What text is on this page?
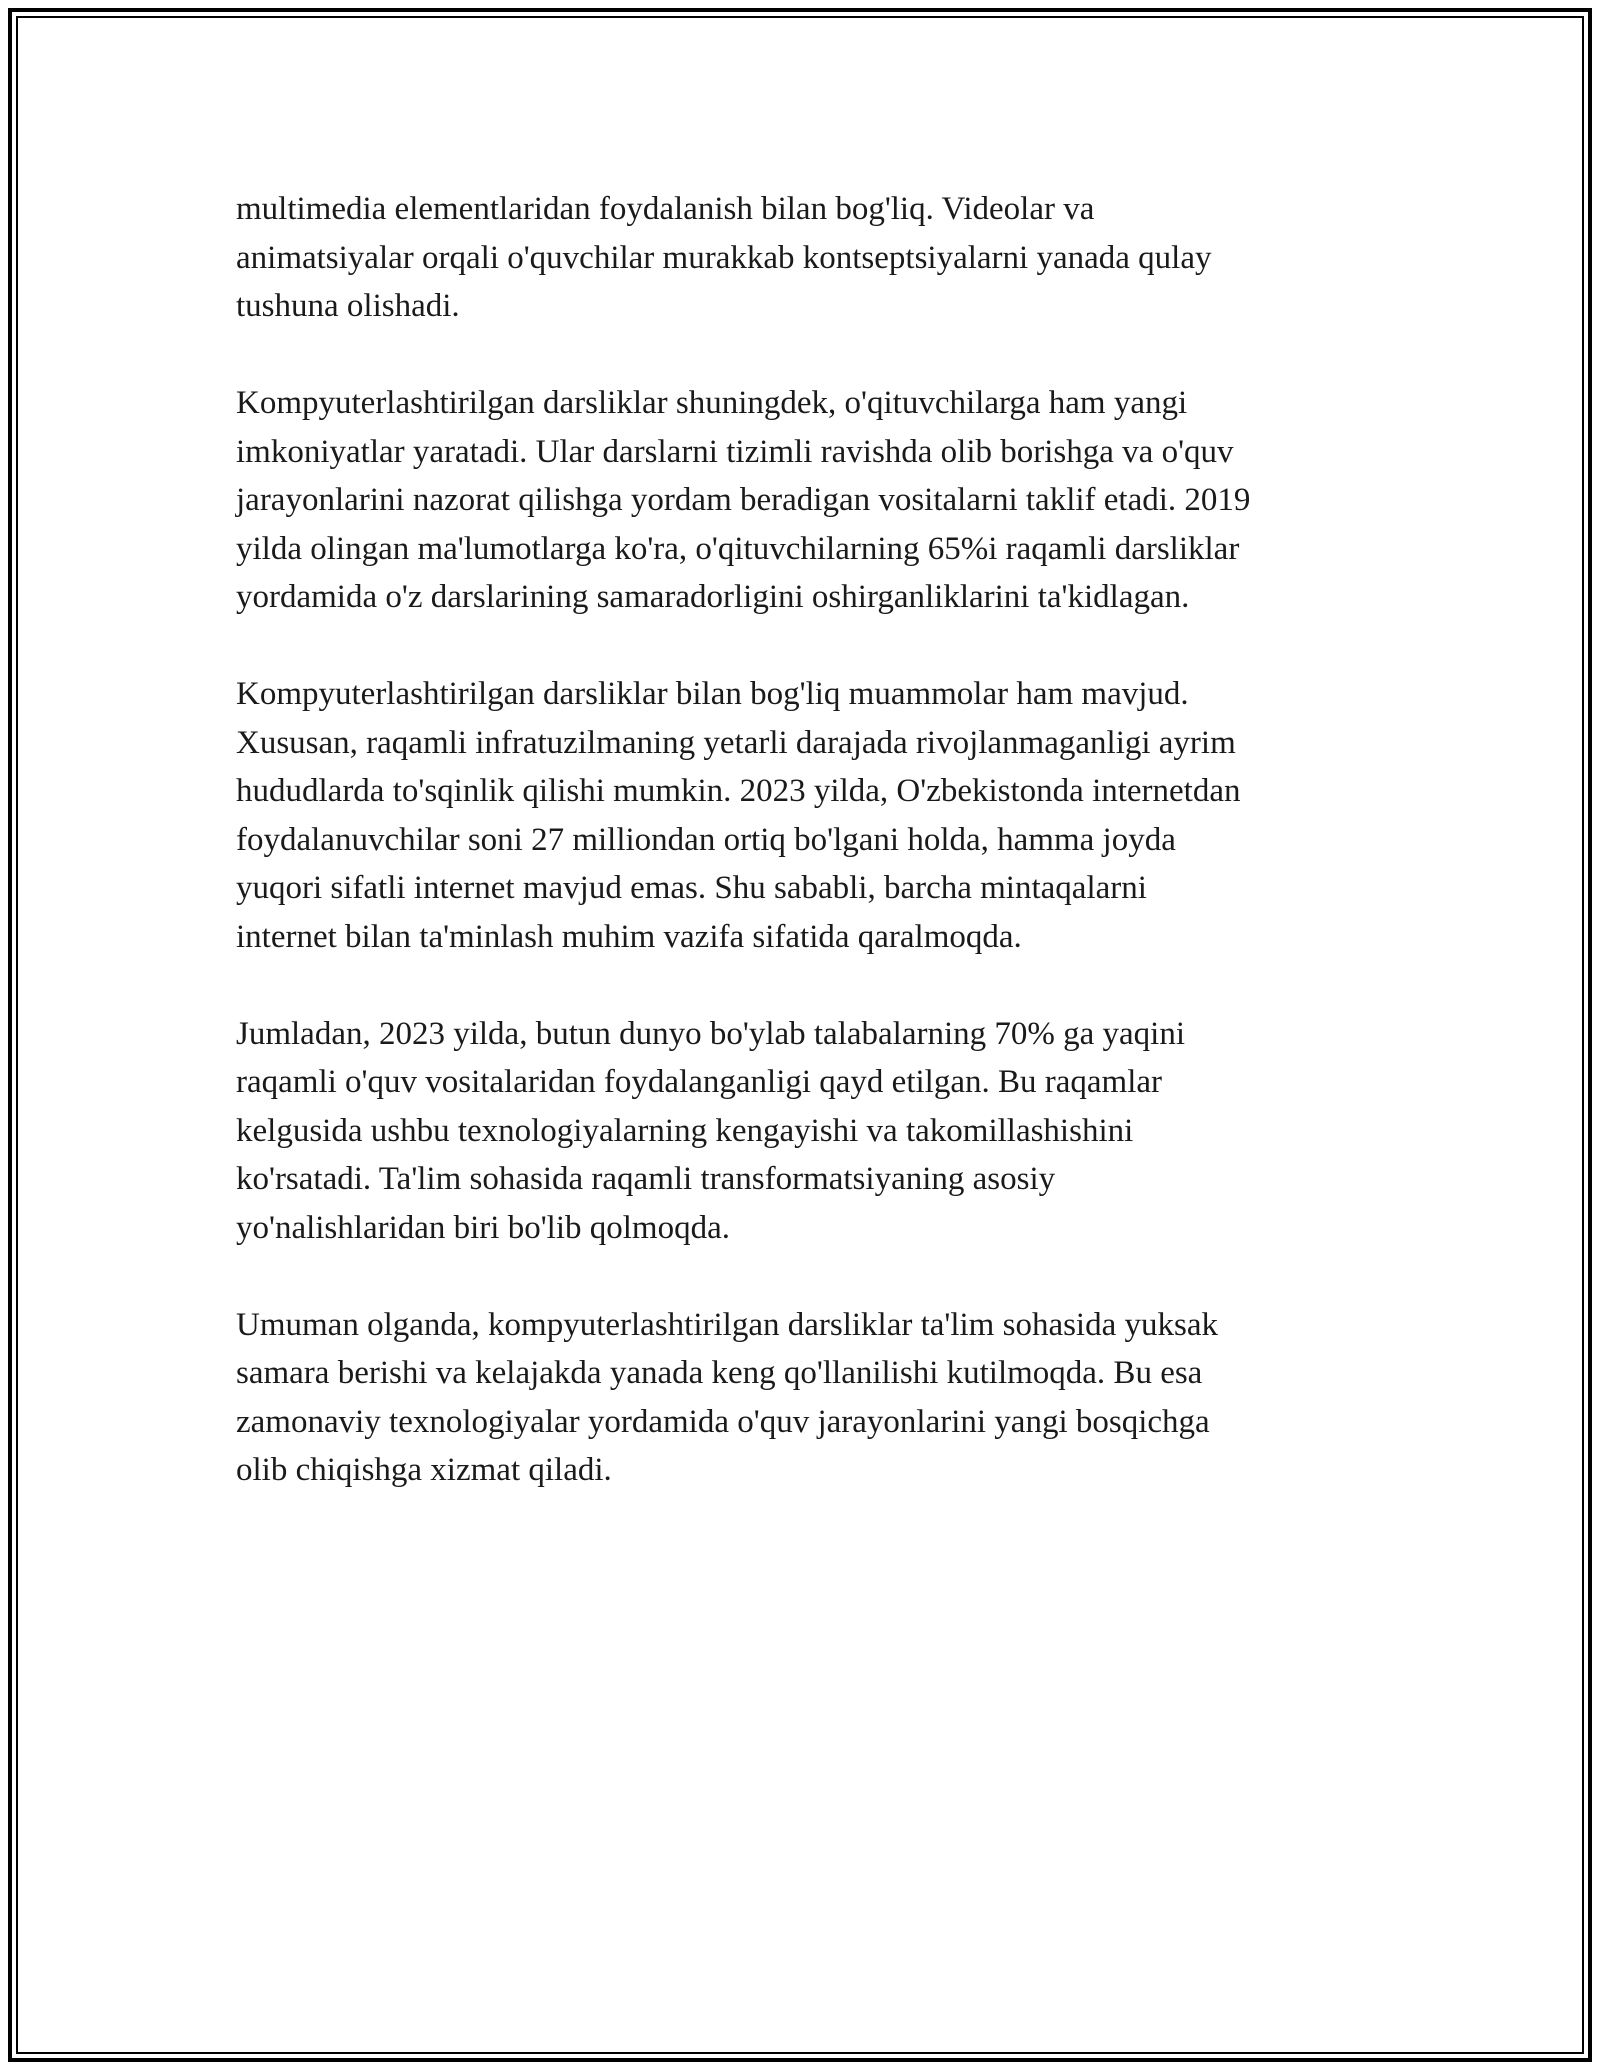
multimedia elementlaridan foydalanish bilan bog'liq. Videolar va
animatsiyalar orqali o'quvchilar murakkab kontseptsiyalarni yanada qulay
tushuna olishadi.

Kompyuterlashtirilgan darsliklar shuningdek, o'qituvchilarga ham yangi
imkoniyatlar yaratadi. Ular darslarni tizimli ravishda olib borishga va o'quv
jarayonlarini nazorat qilishga yordam beradigan vositalarni taklif etadi. 2019
yilda olingan ma'lumotlarga ko'ra, o'qituvchilarning 65%i raqamli darsliklar
yordamida o'z darslarining samaradorligini oshirganliklarini ta'kidlagan.

Kompyuterlashtirilgan darsliklar bilan bog'liq muammolar ham mavjud.
Xususan, raqamli infratuzilmaning yetarli darajada rivojlanmaganligi ayrim
hududlarda to'sqinlik qilishi mumkin. 2023 yilda, O'zbekistonda internetdan
foydalanuvchilar soni 27 milliondan ortiq bo'lgani holda, hamma joyda
yuqori sifatli internet mavjud emas. Shu sababli, barcha mintaqalarni
internet bilan ta'minlash muhim vazifa sifatida qaralmoqda.

Jumladan, 2023 yilda, butun dunyo bo'ylab talabalarning 70% ga yaqini
raqamli o'quv vositalaridan foydalanganligi qayd etilgan. Bu raqamlar
kelgusida ushbu texnologiyalarning kengayishi va takomillashishini
ko'rsatadi. Ta'lim sohasida raqamli transformatsiyaning asosiy
yo'nalishlaridan biri bo'lib qolmoqda.

Umuman olganda, kompyuterlashtirilgan darsliklar ta'lim sohasida yuksak
samara berishi va kelajakda yanada keng qo'llanilishi kutilmoqda. Bu esa
zamonaviy texnologiyalar yordamida o'quv jarayonlarini yangi bosqichga
olib chiqishga xizmat qiladi.
